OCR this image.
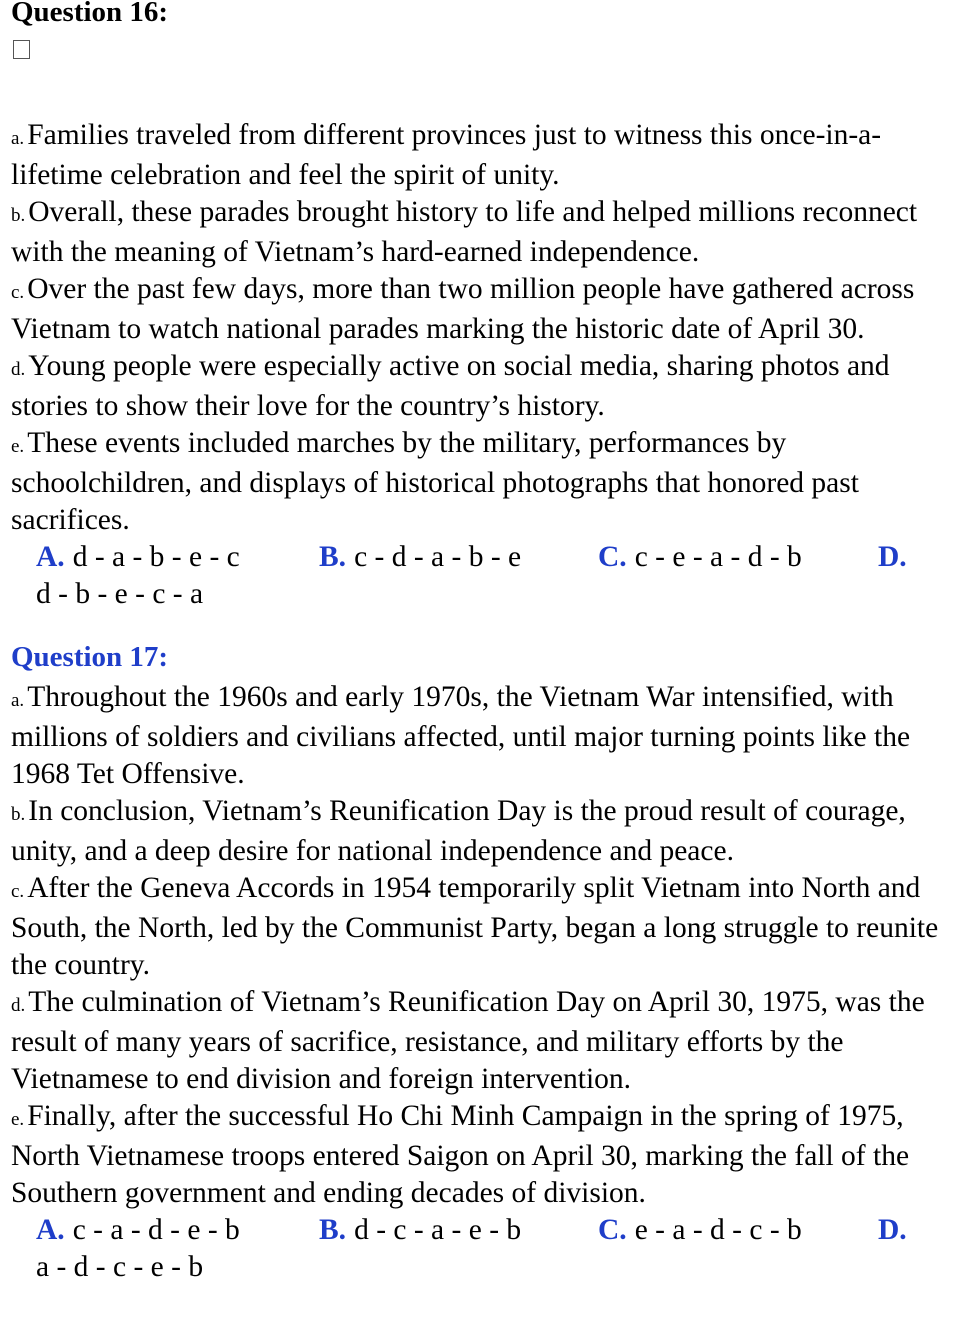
Question 16:

a. Families traveled from different provinces just to witness this once-in-a-lifetime celebration and feel the spirit of unity.

b. Overall, these parades brought history to life and helped millions reconnect with the meaning of Vietnam’s hard-earned independence.

c. Over the past few days, more than two million people have gathered across Vietnam to watch national parades marking the historic date of April 30.

d. Young people were especially active on social media, sharing photos and stories to show their love for the country’s history.

e. These events included marches by the military, performances by schoolchildren, and displays of historical photographs that honored past sacrifices.

A. d - a - b - e - c	B. c - d - a - b - e	C. c - e - a - d - b	D.
d - b - e - c - a
Question 17:

a. Throughout the 1960s and early 1970s, the Vietnam War intensified, with millions of soldiers and civilians affected, until major turning points like the 1968 Tet Offensive.

b. In conclusion, Vietnam’s Reunification Day is the proud result of courage, unity, and a deep desire for national independence and peace.

c. After the Geneva Accords in 1954 temporarily split Vietnam into North and South, the North, led by the Communist Party, began a long struggle to reunite the country.

d. The culmination of Vietnam’s Reunification Day on April 30, 1975, was the result of many years of sacrifice, resistance, and military efforts by the Vietnamese to end division and foreign intervention.

e. Finally, after the successful Ho Chi Minh Campaign in the spring of 1975, North Vietnamese troops entered Saigon on April 30, marking the fall of the Southern government and ending decades of division.

A. c - a - d - e - b	B. d - c - a - e - b	C. e - a - d - c - b	D.
a - d - c - e - b
